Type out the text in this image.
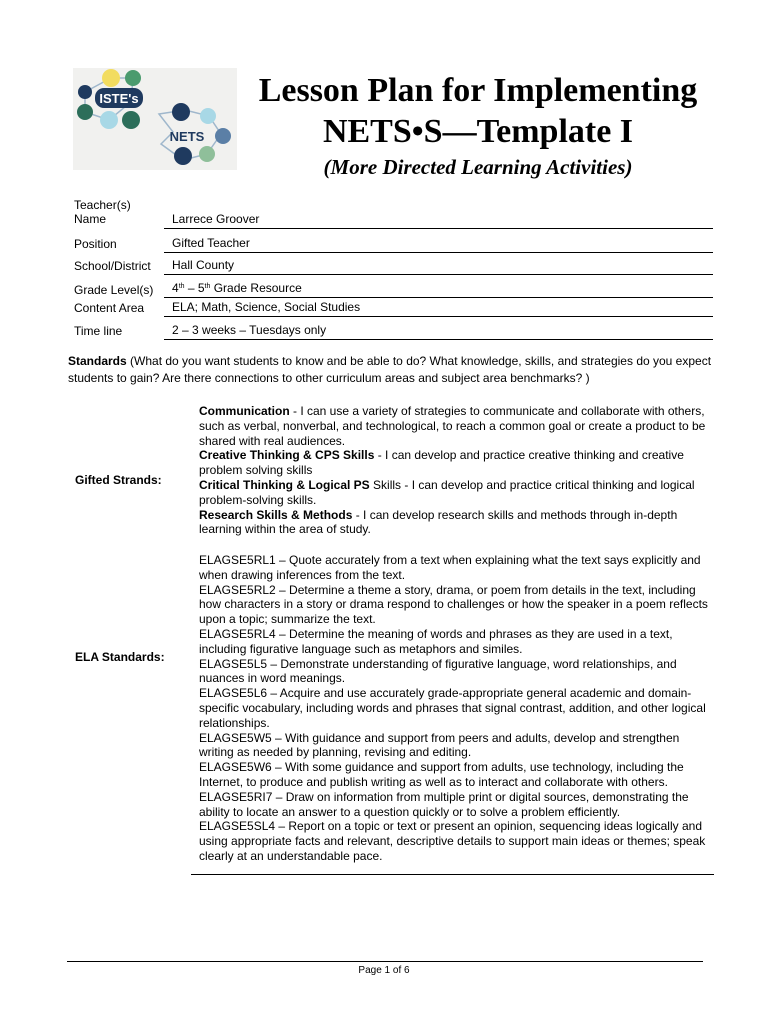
ISTE's
NETS
Lesson Plan for Implementing
NETS•S—Template I
(More Directed Learning Activities)
Teacher(s)
Name	Larrece Groover
Position	Gifted Teacher
School/District	Hall County
Grade Level(s)	4th – 5th Grade Resource
Content Area	ELA; Math, Science, Social Studies
Time line	2 – 3 weeks – Tuesdays only
Standards (What do you want students to know and be able to do? What knowledge, skills, and strategies do you expect students to gain? Are there connections to other curriculum areas and subject area benchmarks? )
Gifted Strands:
Communication - I can use a variety of strategies to communicate and collaborate with others, such as verbal, nonverbal, and technological, to reach a common goal or create a product to be shared with real audiences.
Creative Thinking & CPS Skills - I can develop and practice creative thinking and creative problem solving skills
Critical Thinking & Logical PS Skills - I can develop and practice critical thinking and logical problem-solving skills.
Research Skills & Methods - I can develop research skills and methods through in-depth learning within the area of study.
ELA Standards:
ELAGSE5RL1 – Quote accurately from a text when explaining what the text says explicitly and when drawing inferences from the text.
ELAGSE5RL2 – Determine a theme a story, drama, or poem from details in the text, including how characters in a story or drama respond to challenges or how the speaker in a poem reflects upon a topic; summarize the text.
ELAGSE5RL4 – Determine the meaning of words and phrases as they are used in a text, including figurative language such as metaphors and similes.
ELAGSE5L5 – Demonstrate understanding of figurative language, word relationships, and nuances in word meanings.
ELAGSE5L6 – Acquire and use accurately grade-appropriate general academic and domain-specific vocabulary, including words and phrases that signal contrast, addition, and other logical relationships.
ELAGSE5W5 – With guidance and support from peers and adults, develop and strengthen writing as needed by planning, revising and editing.
ELAGSE5W6 – With some guidance and support from adults, use technology, including the Internet, to produce and publish writing as well as to interact and collaborate with others.
ELAGSE5RI7 – Draw on information from multiple print or digital sources, demonstrating the ability to locate an answer to a question quickly or to solve a problem efficiently.
ELAGSE5SL4 – Report on a topic or text or present an opinion, sequencing ideas logically and using appropriate facts and relevant, descriptive details to support main ideas or themes; speak clearly at an understandable pace.
Page 1 of 6
